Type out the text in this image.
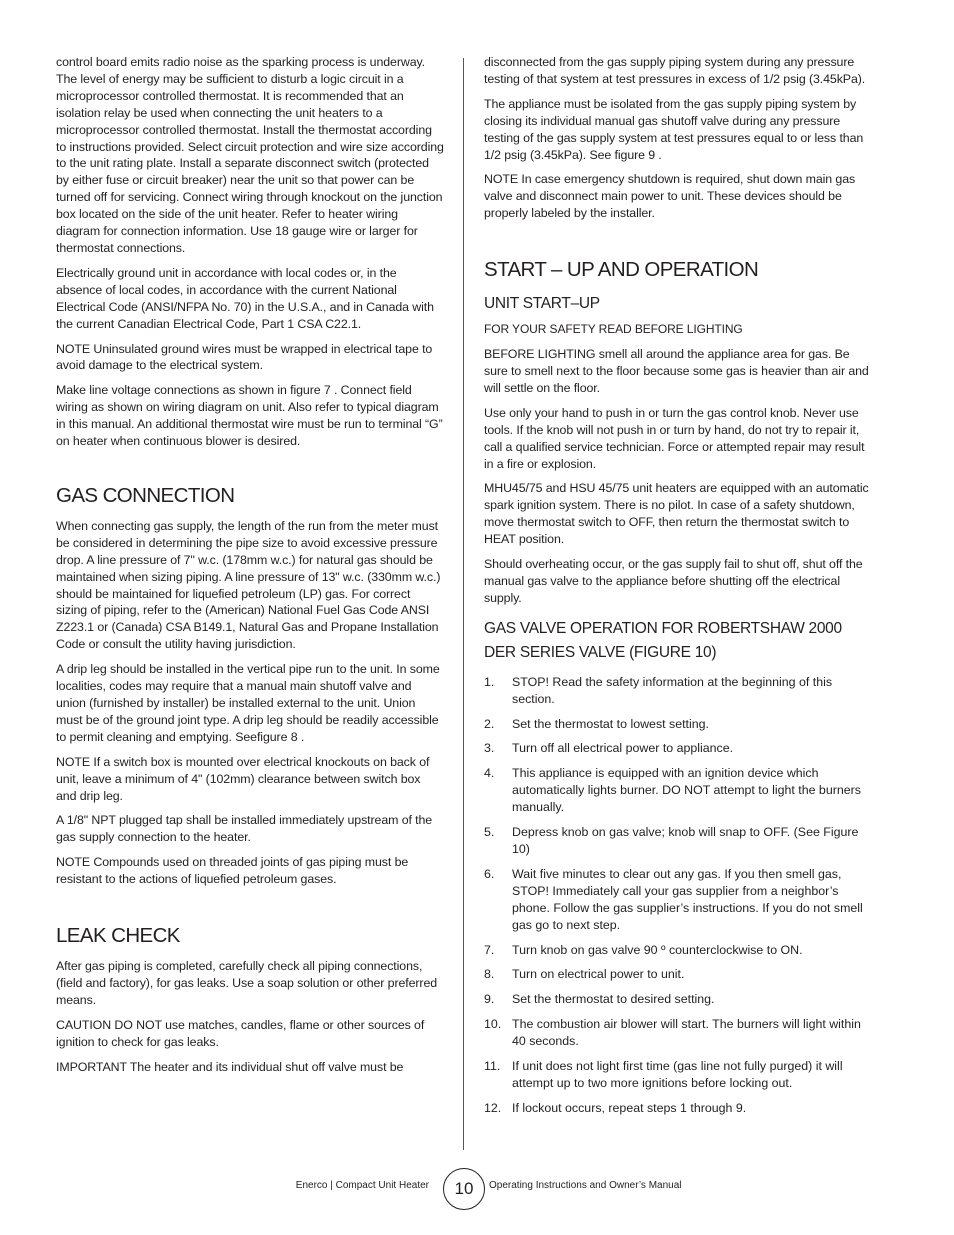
control board emits radio noise as the sparking process is underway. The level of energy may be sufficient to disturb a logic circuit in a microprocessor controlled thermostat. It is recommended that an isolation relay be used when connecting the unit heaters to a microprocessor controlled thermostat. Install the thermostat according to instructions provided. Select circuit protection and wire size according to the unit rating plate. Install a separate disconnect switch (protected by either fuse or circuit breaker) near the unit so that power can be turned off for servicing. Connect wiring through knockout on the junction box located on the side of the unit heater. Refer to heater wiring diagram for connection information. Use 18 gauge wire or larger for thermostat connections.

Electrically ground unit in accordance with local codes or, in the absence of local codes, in accordance with the current National Electrical Code (ANSI/NFPA No. 70) in the U.S.A., and in Canada with the current Canadian Electrical Code, Part 1 CSA C22.1.

NOTE Uninsulated ground wires must be wrapped in electrical tape to avoid damage to the electrical system.

Make line voltage connections as shown in figure 7 . Connect field wiring as shown on wiring diagram on unit. Also refer to typical diagram in this manual. An additional thermostat wire must be run to terminal “G” on heater when continuous blower is desired.

GAS CONNECTION

When connecting gas supply, the length of the run from the meter must be considered in determining the pipe size to avoid excessive pressure drop. A line pressure of 7" w.c. (178mm w.c.) for natural gas should be maintained when sizing piping. A line pressure of 13" w.c. (330mm w.c.) should be maintained for liquefied petroleum (LP) gas. For correct sizing of piping, refer to the (American) National Fuel Gas Code ANSI Z223.1 or (Canada) CSA B149.1, Natural Gas and Propane Installation Code or consult the utility having jurisdiction.

A drip leg should be installed in the vertical pipe run to the unit. In some localities, codes may require that a manual main shutoff valve and union (furnished by installer) be installed external to the unit. Union must be of the ground joint type. A drip leg should be readily accessible to permit cleaning and emptying. Seefigure 8 .

NOTE If a switch box is mounted over electrical knockouts on back of unit, leave a minimum of 4" (102mm) clearance between switch box and drip leg.

A 1/8" NPT plugged tap shall be installed immediately upstream of the gas supply connection to the heater.

NOTE Compounds used on threaded joints of gas piping must be resistant to the actions of liquefied petroleum gases.

LEAK CHECK

After gas piping is completed, carefully check all piping connections, (field and factory), for gas leaks. Use a soap solution or other preferred means.

CAUTION DO NOT use matches, candles, flame or other sources of ignition to check for gas leaks.

IMPORTANT The heater and its individual shut off valve must be

disconnected from the gas supply piping system during any pressure testing of that system at test pressures in excess of 1/2 psig (3.45kPa).

The appliance must be isolated from the gas supply piping system by closing its individual manual gas shutoff valve during any pressure testing of the gas supply system at test pressures equal to or less than 1/2 psig (3.45kPa). See figure 9 .

NOTE In case emergency shutdown is required, shut down main gas valve and disconnect main power to unit. These devices should be properly labeled by the installer.

START – UP AND OPERATION
UNIT START–UP

FOR YOUR SAFETY READ BEFORE LIGHTING

BEFORE LIGHTING smell all around the appliance area for gas. Be sure to smell next to the floor because some gas is heavier than air and will settle on the floor.

Use only your hand to push in or turn the gas control knob. Never use tools. If the knob will not push in or turn by hand, do not try to repair it, call a qualified service technician. Force or attempted repair may result in a fire or explosion.

MHU45/75 and HSU 45/75 unit heaters are equipped with an automatic spark ignition system. There is no pilot. In case of a safety shutdown, move thermostat switch to OFF, then return the thermostat switch to HEAT position.

Should overheating occur, or the gas supply fail to shut off, shut off the manual gas valve to the appliance before shutting off the electrical supply.

GAS VALVE OPERATION FOR ROBERTSHAW 2000 DER SERIES VALVE (FIGURE 10)
1. STOP! Read the safety information at the beginning of this section.
2. Set the thermostat to lowest setting.
3. Turn off all electrical power to appliance.
4. This appliance is equipped with an ignition device which automatically lights burner. DO NOT attempt to light the burners manually.
5. Depress knob on gas valve; knob will snap to OFF. (See Figure 10)
6. Wait five minutes to clear out any gas. If you then smell gas, STOP! Immediately call your gas supplier from a neighbor’s phone. Follow the gas supplier’s instructions. If you do not smell gas go to next step.
7. Turn knob on gas valve 90 º counterclockwise to ON.
8. Turn on electrical power to unit.
9. Set the thermostat to desired setting.
10. The combustion air blower will start. The burners will light within 40 seconds.
11. If unit does not light first time (gas line not fully purged) it will attempt up to two more ignitions before locking out.
12. If lockout occurs, repeat steps 1 through 9.
Enerco | Compact Unit Heater	10	Operating Instructions and Owner’s Manual
